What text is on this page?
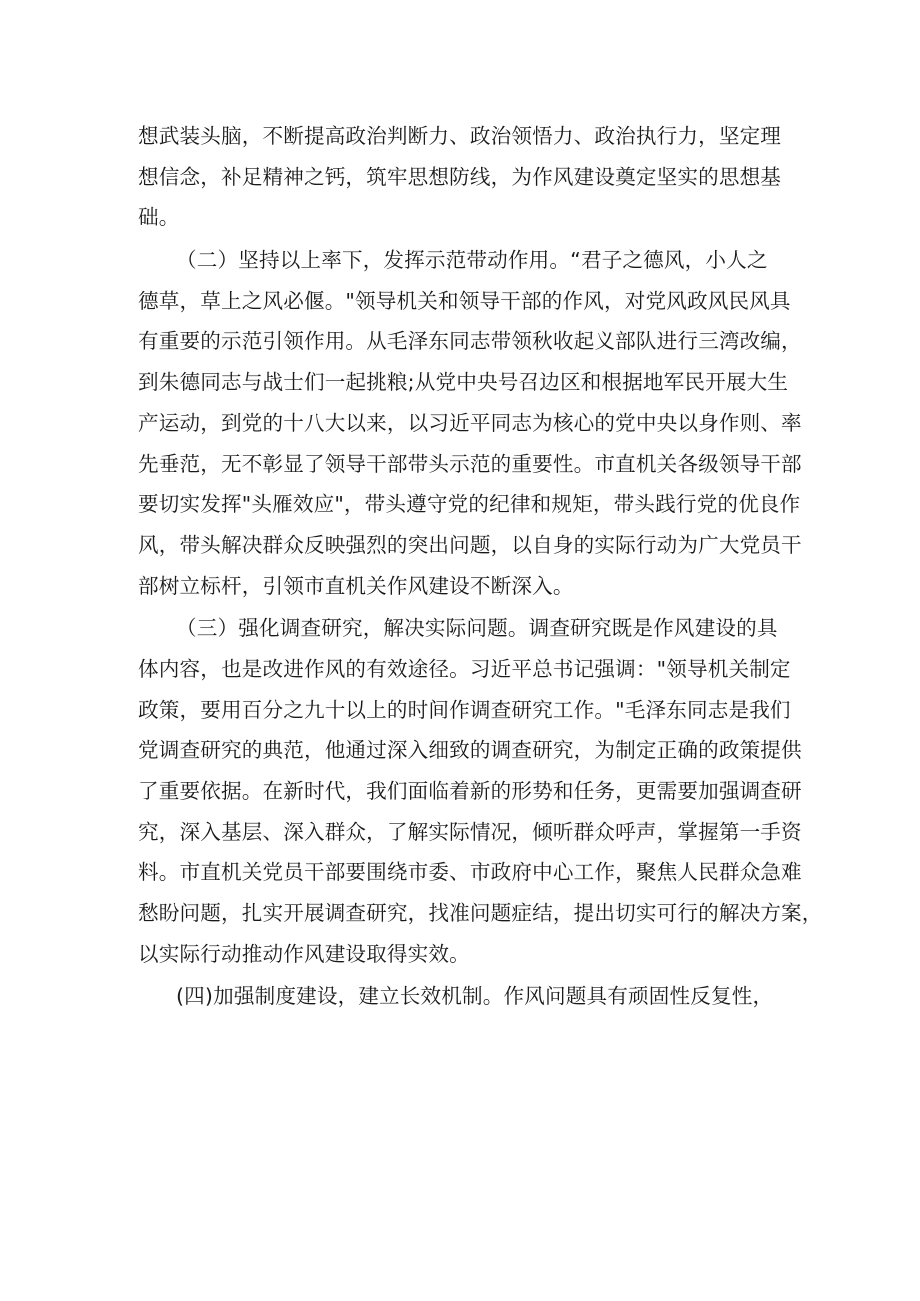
想武装头脑，不断提高政治判断力、政治领悟力、政治执行力，坚定理
想信念，补足精神之钙，筑牢思想防线，为作风建设奠定坚实的思想基
础。
（二）坚持以上率下，发挥示范带动作用。“君子之德风，小人之
德草，草上之风必偃。"领导机关和领导干部的作风，对党风政风民风具
有重要的示范引领作用。从毛泽东同志带领秋收起义部队进行三湾改编，
到朱德同志与战士们一起挑粮;从党中央号召边区和根据地军民开展大生
产运动，到党的十八大以来，以习近平同志为核心的党中央以身作则、率
先垂范，无不彰显了领导干部带头示范的重要性。市直机关各级领导干部
要切实发挥"头雁效应"，带头遵守党的纪律和规矩，带头践行党的优良作
风，带头解决群众反映强烈的突出问题，以自身的实际行动为广大党员干
部树立标杆，引领市直机关作风建设不断深入。
（三）强化调查研究，解决实际问题。调查研究既是作风建设的具
体内容，也是改进作风的有效途径。习近平总书记强调："领导机关制定
政策，要用百分之九十以上的时间作调查研究工作。"毛泽东同志是我们
党调查研究的典范，他通过深入细致的调查研究，为制定正确的政策提供
了重要依据。在新时代，我们面临着新的形势和任务，更需要加强调查研
究，深入基层、深入群众，了解实际情况，倾听群众呼声，掌握第一手资
料。市直机关党员干部要围绕市委、市政府中心工作，聚焦人民群众急难
愁盼问题，扎实开展调查研究，找准问题症结，提出切实可行的解决方案，
以实际行动推动作风建设取得实效。
(四)加强制度建设，建立长效机制。作风问题具有顽固性反复性，
